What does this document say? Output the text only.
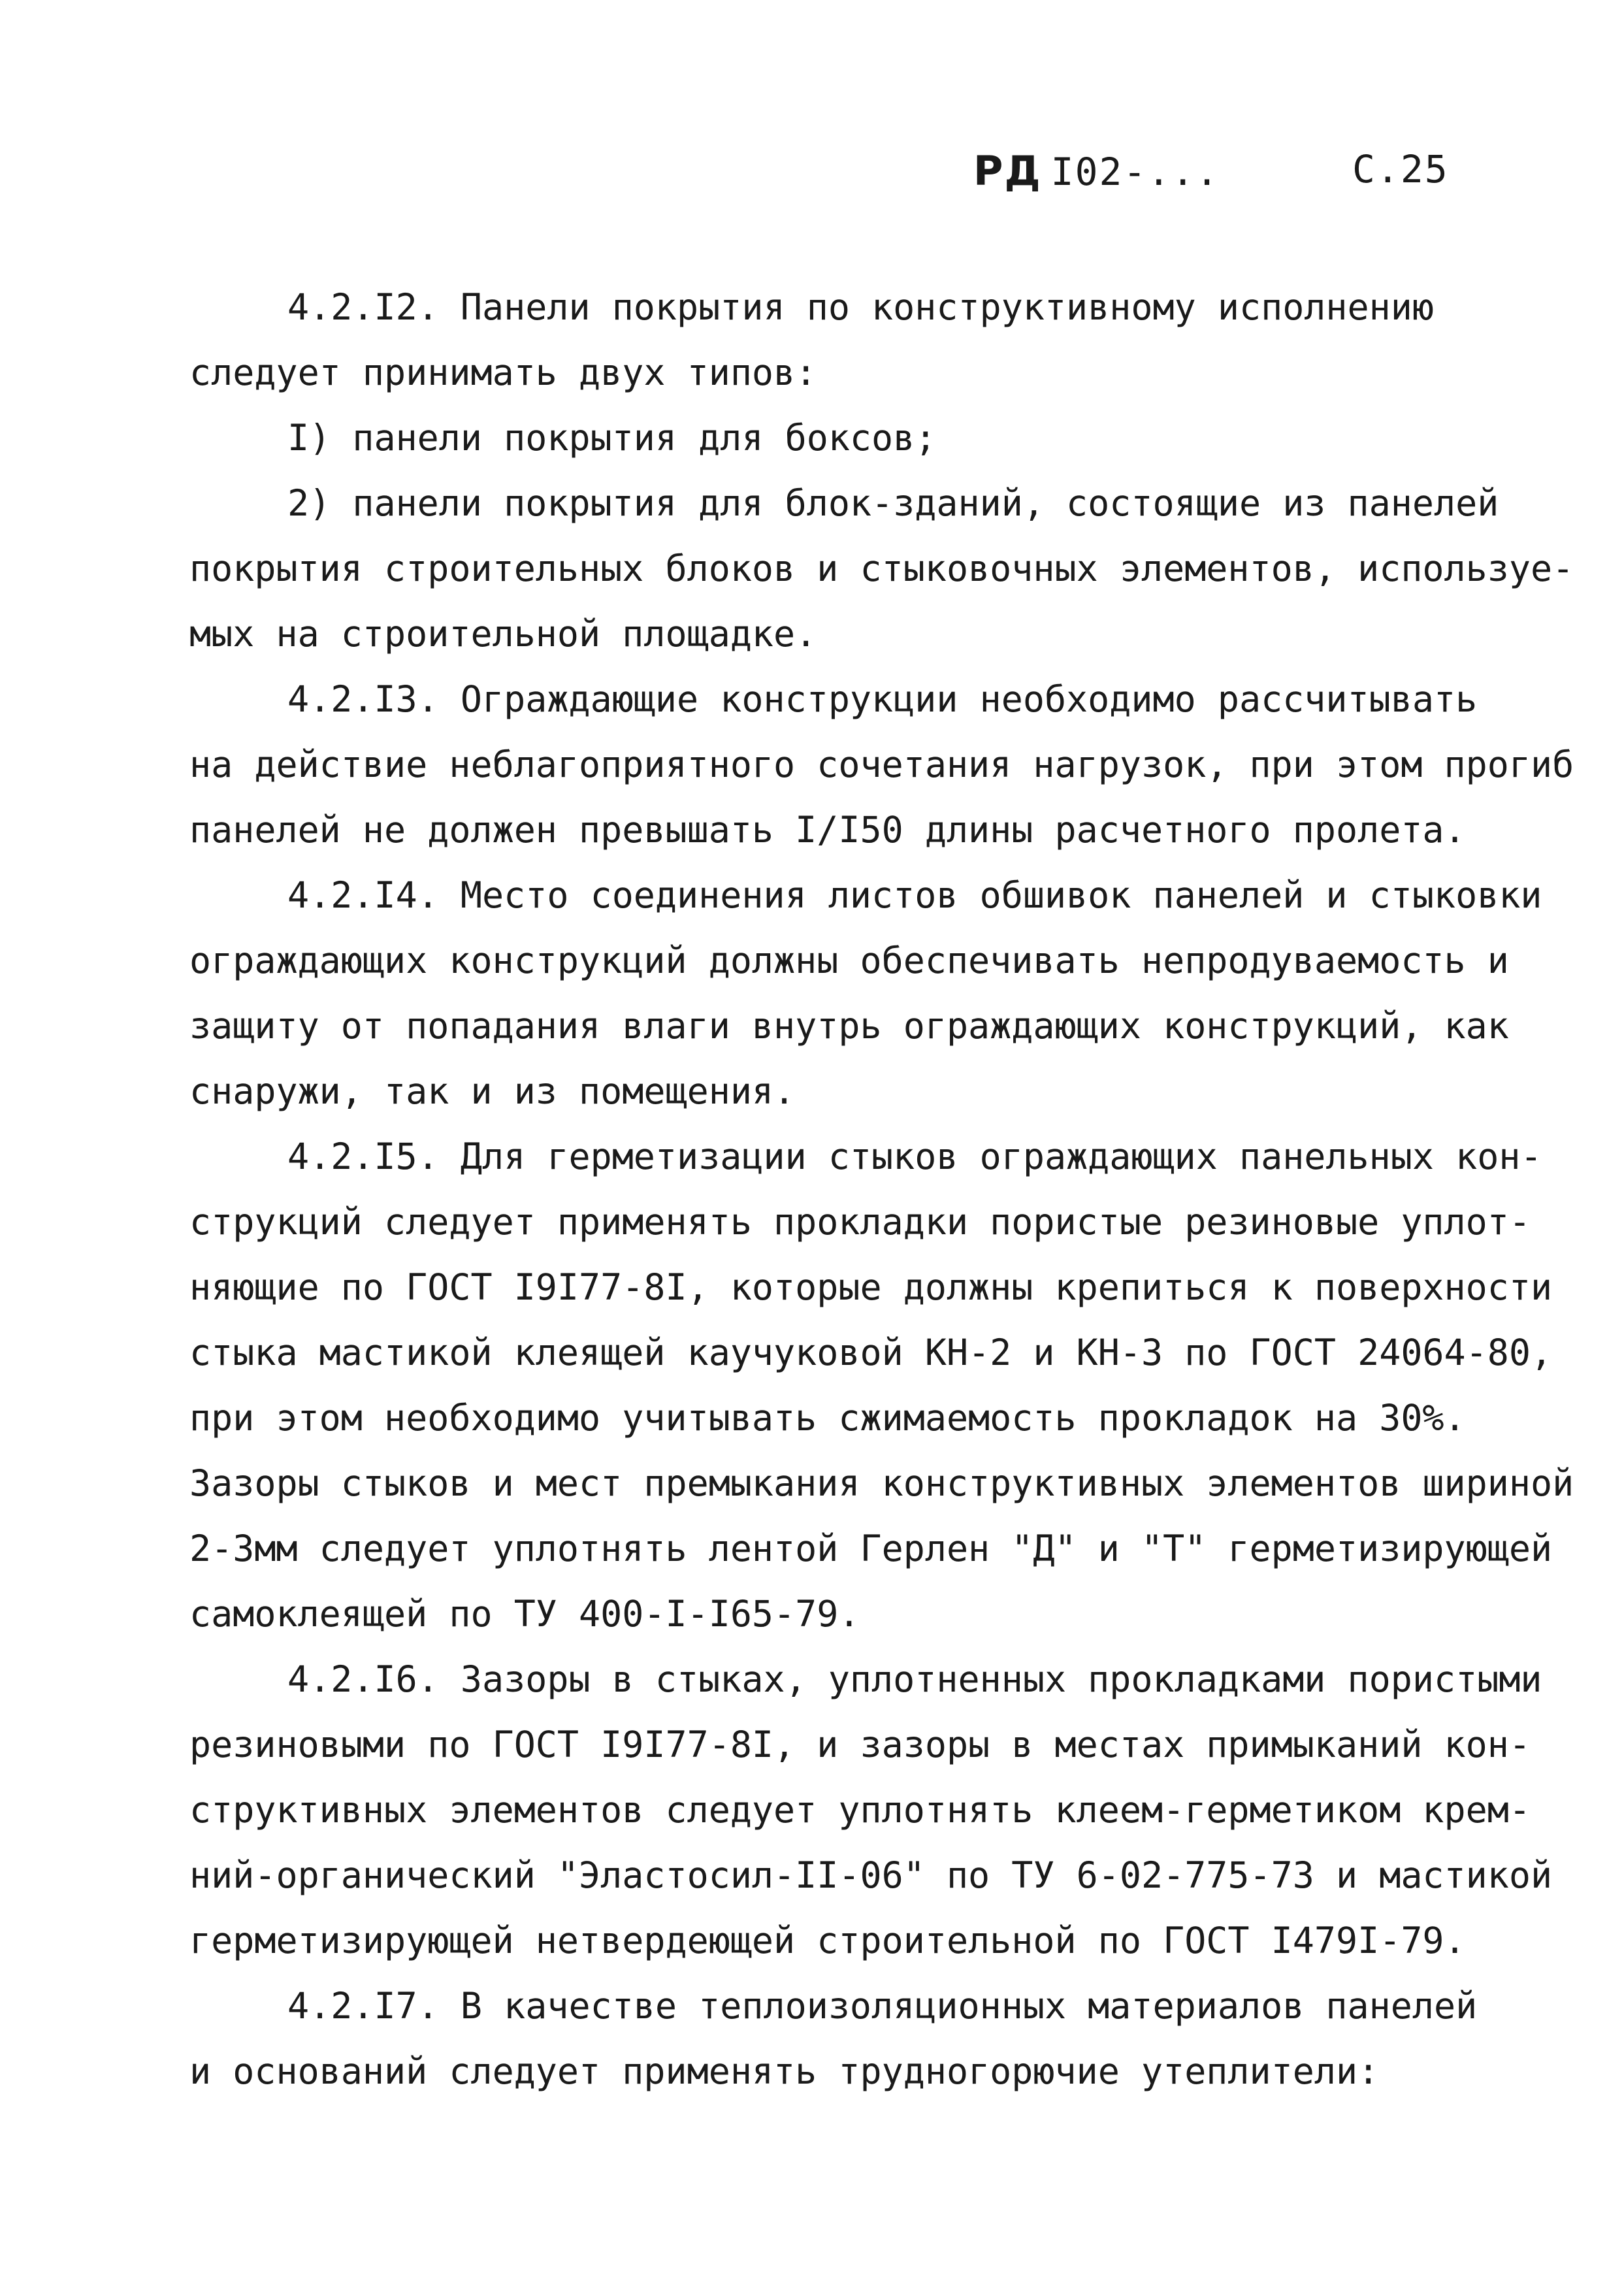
РД I02-...	С.25
4.2.I2. Панели покрытия по конструктивному исполнению
следует принимать двух типов:
I) панели покрытия для боксов;
2) панели покрытия для блок-зданий, состоящие из панелей
покрытия строительных блоков и стыковочных элементов, используе-
мых на строительной площадке.
4.2.I3. Ограждающие конструкции необходимо рассчитывать
на действие неблагоприятного сочетания нагрузок, при этом прогиб
панелей не должен превышать I/I50 длины расчетного пролета.
4.2.I4. Место соединения листов обшивок панелей и стыковки
ограждающих конструкций должны обеспечивать непродуваемость и
защиту от попадания влаги внутрь ограждающих конструкций, как
снаружи, так и из помещения.
4.2.I5. Для герметизации стыков ограждающих панельных кон-
струкций следует применять прокладки пористые резиновые уплот-
няющие по ГОСТ I9I77-8I, которые должны крепиться к поверхности
стыка мастикой клеящей каучуковой КН-2 и КН-3 по ГОСТ 24064-80,
при этом необходимо учитывать сжимаемость прокладок на 30%.
Зазоры стыков и мест премыкания конструктивных элементов шириной
2-3мм следует уплотнять лентой Герлен "Д" и "Т" герметизирующей
самоклеящей по ТУ 400-I-I65-79.
4.2.I6. Зазоры в стыках, уплотненных прокладками пористыми
резиновыми по ГОСТ I9I77-8I, и зазоры в местах примыканий кон-
структивных элементов следует уплотнять клеем-герметиком крем-
ний-органический "Эластосил-II-06" по ТУ 6-02-775-73 и мастикой
герметизирующей нетвердеющей строительной по ГОСТ I479I-79.
4.2.I7. В качестве теплоизоляционных материалов панелей
и оснований следует применять трудногорючие утеплители:
